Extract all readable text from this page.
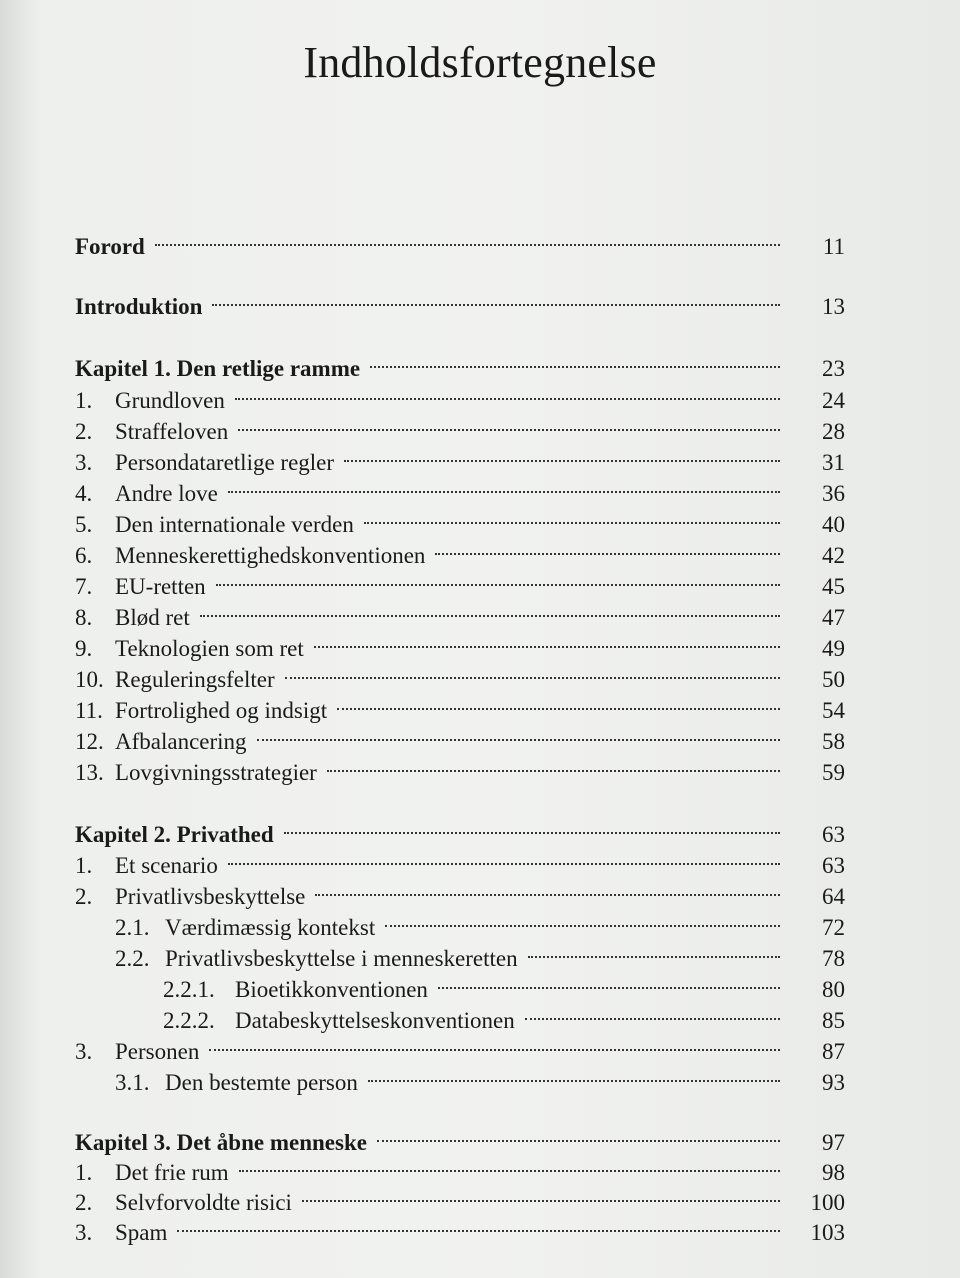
Indholdsfortegnelse
Forord	11
Introduktion	13
Kapitel 1. Den retlige ramme	23
1. Grundloven	24
2. Straffeloven	28
3. Persondataretlige regler	31
4. Andre love	36
5. Den internationale verden	40
6. Menneskerettighedskonventionen	42
7. EU-retten	45
8. Blød ret	47
9. Teknologien som ret	49
10. Reguleringsfelter	50
11. Fortrolighed og indsigt	54
12. Afbalancering	58
13. Lovgivningsstrategier	59
Kapitel 2. Privathed	63
1. Et scenario	63
2. Privatlivsbeskyttelse	64
2.1. Værdimæssig kontekst	72
2.2. Privatlivsbeskyttelse i menneskeretten	78
2.2.1. Bioetikkonventionen	80
2.2.2. Databeskyttelseskonventionen	85
3. Personen	87
3.1. Den bestemte person	93
Kapitel 3. Det åbne menneske	97
1. Det frie rum	98
2. Selvforvoldte risici	100
3. Spam	103
